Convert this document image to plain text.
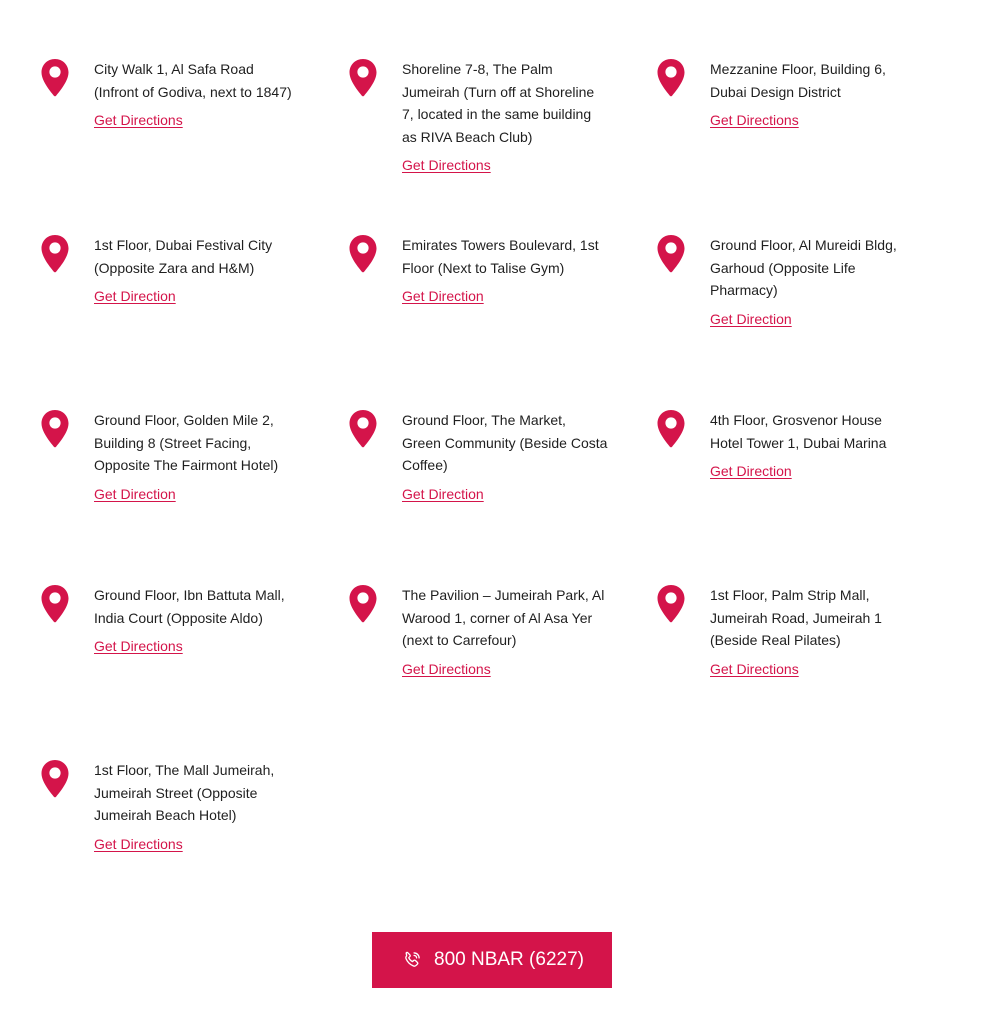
City Walk 1, Al Safa Road
(Infront of Godiva, next to 1847)
Get Directions
Shoreline 7-8, The Palm
Jumeirah (Turn off at Shoreline
7, located in the same building
as RIVA Beach Club)
Get Directions
Mezzanine Floor, Building 6,
Dubai Design District
Get Directions
1st Floor, Dubai Festival City
(Opposite Zara and H&M)
Get Direction
Emirates Towers Boulevard, 1st
Floor (Next to Talise Gym)
Get Direction
Ground Floor, Al Mureidi Bldg,
Garhoud (Opposite Life
Pharmacy)
Get Direction
Ground Floor, Golden Mile 2,
Building 8 (Street Facing,
Opposite The Fairmont Hotel)
Get Direction
Ground Floor, The Market,
Green Community (Beside Costa
Coffee)
Get Direction
4th Floor, Grosvenor House
Hotel Tower 1, Dubai Marina
Get Direction
Ground Floor, Ibn Battuta Mall,
India Court (Opposite Aldo)
Get Directions
The Pavilion – Jumeirah Park, Al
Warood 1, corner of Al Asa Yer
(next to Carrefour)
Get Directions
1st Floor, Palm Strip Mall,
Jumeirah Road, Jumeirah 1
(Beside Real Pilates)
Get Directions
1st Floor, The Mall Jumeirah,
Jumeirah Street (Opposite
Jumeirah Beach Hotel)
Get Directions
800 NBAR (6227)
